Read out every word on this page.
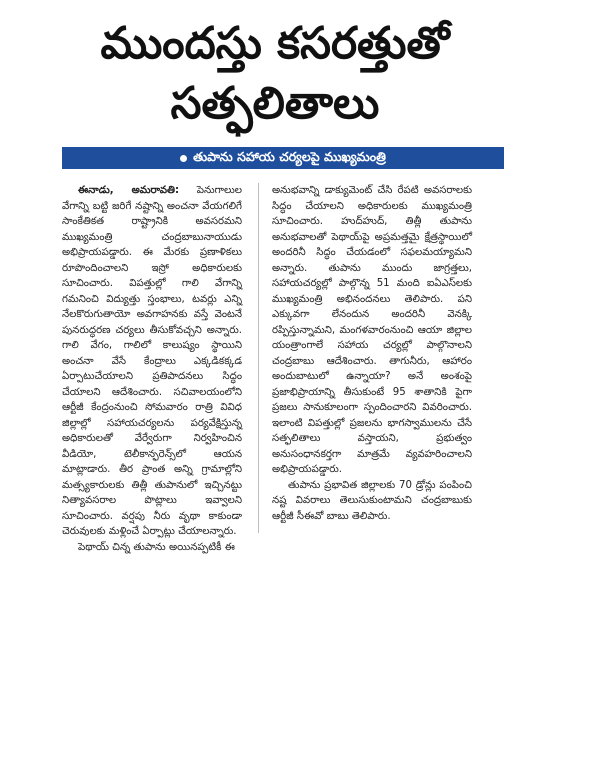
ముందస్తు కసరత్తుతో
సత్ఫలితాలు
తుపాను సహాయ చర్యలపై ముఖ్యమంత్రి

ఈనాడు, అమరావతి: పెనుగాలుల వేగాన్ని బట్టి జరిగే నష్టాన్ని అంచనా వేయగలిగే సాంకేతికత రాష్ట్రానికి అవసరమని ముఖ్యమంత్రి చంద్రబాబునాయుడు అభిప్రాయపడ్డారు. ఈ మేరకు ప్రణాళికలు రూపొందించాలని ఇస్రో అధికారులకు సూచించారు. విపత్తుల్లో గాలి వేగాన్ని గమనించి విద్యుత్తు స్తంభాలు, టవర్లు ఎన్ని నేలకొరుగుతాయో అవగాహనకు వస్తే వెంటనే పునరుద్ధరణ చర్యలు తీసుకోవచ్చని అన్నారు. గాలి వేగం, గాలిలో కాలుష్యం స్థాయిని అంచనా వేసే కేంద్రాలు ఎక్కడికక్కడ ఏర్పాటుచేయాలని ప్రతిపాదనలు సిద్ధం చేయాలని ఆదేశించారు. సచివాలయంలోని ఆర్టీజీ కేంద్రంనుంచి సోమవారం రాత్రి వివిధ జిల్లాల్లో సహాయచర్యలను పర్యవేక్షిస్తున్న అధికారులతో వేర్వేరుగా నిర్వహించిన వీడియో, టెలీకాన్ఫరెన్స్‌లో ఆయన మాట్లాడారు. తీర ప్రాంత అన్ని గ్రామాల్లోని మత్స్యకారులకు తిత్లీ తుపానులో ఇచ్చినట్టు నిత్యావసరాల పొట్లాలు ఇవ్వాలని సూచించారు. వర్షపు నీరు వృథా కాకుండా చెరువులకు మళ్లించే ఏర్పాట్లు చేయాలన్నారు.

పెథాయ్ చిన్న తుపాను అయినప్పటికీ ఈ

అనుభవాన్ని డాక్యుమెంట్ చేసి రేపటి అవసరాలకు సిద్ధం చేయాలని అధికారులకు ముఖ్యమంత్రి సూచించారు. హుద్‌హుద్, తిత్లీ తుపాను అనుభవాలతో పెథాయ్‌పై అప్రమత్తమై క్షేత్రస్థాయిలో అందరినీ సిద్ధం చేయడంలో సఫలమయ్యామని అన్నారు. తుపాను ముందు జాగ్రత్తలు, సహాయచర్యల్లో పాల్గొన్న 51 మంది ఐఏఎస్‌లకు ముఖ్యమంత్రి అభినందనలు తెలిపారు. పని ఎక్కువగా లేనందున అందరినీ వెనక్కి రప్పిస్తున్నామని, మంగళవారంనుంచి ఆయా జిల్లాల యంత్రాంగాలే సహాయ చర్యల్లో పాల్గొనాలని చంద్రబాబు ఆదేశించారు. తాగునీరు, ఆహారం అందుబాటులో ఉన్నాయా? అనే అంశంపై ప్రజాభిప్రాయాన్ని తీసుకుంటే 95 శాతానికి పైగా ప్రజలు సానుకూలంగా స్పందించారని వివరించారు. ఇలాంటి విపత్తుల్లో ప్రజలను భాగస్వాములను చేసే సత్ఫలితాలు వస్తాయని, ప్రభుత్వం అనుసంధానకర్తగా మాత్రమే వ్యవహరించాలని అభిప్రాయపడ్డారు.

తుపాను ప్రభావిత జిల్లాలకు 70 డ్రోన్లు పంపించి నష్ట వివరాలు తెలుసుకుంటామని చంద్రబాబుకు ఆర్టీజీ సీఈవో బాబు తెలిపారు.
